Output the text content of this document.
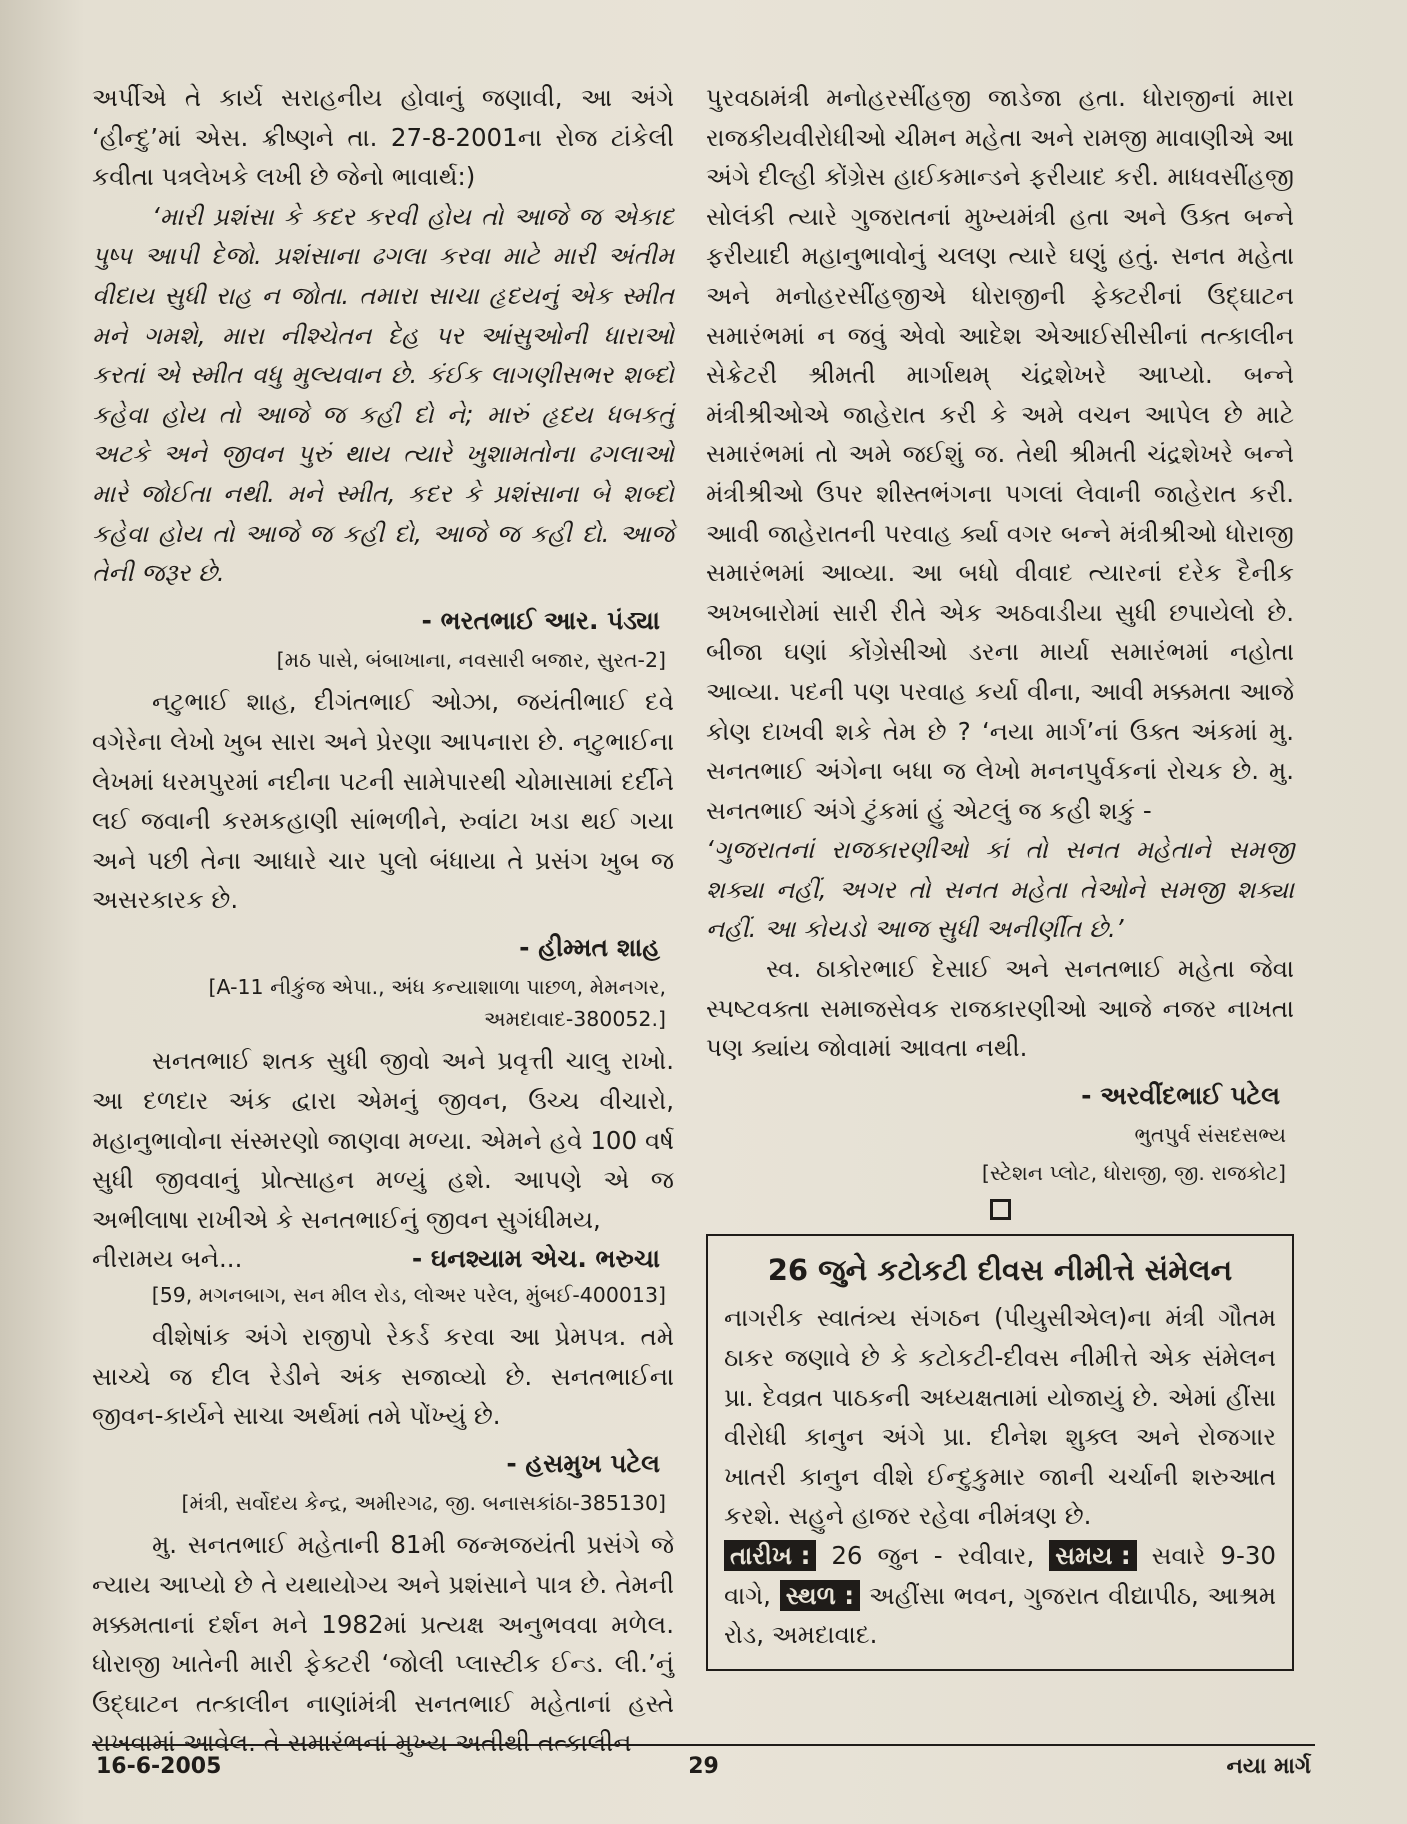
અર્પીએ તે કાર્ય સરાહનીય હોવાનું જણાવી, આ અંગે ‘હીન્દુ’માં એસ. ક્રીષ્ણને તા. 27-8-2001ના રોજ ટાંકેલી કવીતા પત્રલેખકે લખી છે જેનો ભાવાર્થ:)

‘મારી પ્રશંસા કે કદર કરવી હોય તો આજે જ એકાદ પુષ્પ આપી દેજો. પ્રશંસાના ઢગલા કરવા માટે મારી અંતીમ વીદાય સુધી રાહ ન જોતા. તમારા સાચા હૃદયનું એક સ્મીત મને ગમશે, મારા નીશ્ચેતન દેહ પર આંસુઓની ધારાઓ કરતાં એ સ્મીત વધુ મુલ્યવાન છે. કંઈક લાગણીસભર શબ્દો કહેવા હોય તો આજે જ કહી દો ને; મારું હૃદય ધબકતું અટકે અને જીવન પુરું થાય ત્યારે ખુશામતોના ઢગલાઓ મારે જોઈતા નથી. મને સ્મીત, કદર કે પ્રશંસાના બે શબ્દો કહેવા હોય તો આજે જ કહી દો, આજે જ કહી દો. આજે તેની જરૂર છે.

- ભરતભાઈ આર. પંડ્યા
[મઠ પાસે, બંબાખાના, નવસારી બજાર, સુરત-2]

નટુભાઈ શાહ, દીગંતભાઈ ઓઝા, જયંતીભાઈ દવે વગેરેના લેખો ખુબ સારા અને પ્રેરણા આપનારા છે. નટુભાઈના લેખમાં ધરમપુરમાં નદીના પટની સામેપારથી ચોમાસામાં દર્દીને લઈ જવાની કરમકહાણી સાંભળીને, રુવાંટા ખડા થઈ ગયા અને પછી તેના આધારે ચાર પુલો બંધાયા તે પ્રસંગ ખુબ જ અસરકારક છે.

- હીમ્મત શાહ
[A-11 નીકુંજ એપા., અંધ કન્યાશાળા પાછળ, મેમનગર,
અમદાવાદ-380052.]

સનતભાઈ શતક સુધી જીવો અને પ્રવૃત્તી ચાલુ રાખો. આ દળદાર અંક દ્વારા એમનું જીવન, ઉચ્ચ વીચારો, મહાનુભાવોના સંસ્મરણો જાણવા મળ્યા. એમને હવે 100 વર્ષ સુધી જીવવાનું પ્રોત્સાહન મળ્યું હશે. આપણે એ જ અભીલાષા રાખીએ કે સનતભાઈનું જીવન સુગંધીમય,

નીરામય બને...	- ઘનશ્યામ એચ. ભરુચા
[59, મગનબાગ, સન મીલ રોડ, લોઅર પરેલ, મુંબઈ-400013]

વીશેષાંક અંગે રાજીપો રેકર્ડ કરવા આ પ્રેમપત્ર. તમે સાચ્ચે જ દીલ રેડીને અંક સજાવ્યો છે. સનતભાઈના જીવન-કાર્યને સાચા અર્થમાં તમે પોંખ્યું છે.

- હસમુખ પટેલ
[મંત્રી, સર્વોદય કેન્દ્ર, અમીરગઢ, જી. બનાસકાંઠા-385130]

મુ. સનતભાઈ મહેતાની 81મી જન્મજયંતી પ્રસંગે જે ન્યાય આપ્યો છે તે યથાયોગ્ય અને પ્રશંસાને પાત્ર છે. તેમની મક્કમતાનાં દર્શન મને 1982માં પ્રત્યક્ષ અનુભવવા મળેલ. ધોરાજી ખાતેની મારી ફેક્ટરી ‘જોલી પ્લાસ્ટીક ઈન્ડ. લી.’નું ઉદ્ઘાટન તત્કાલીન નાણાંમંત્રી સનતભાઈ મહેતાનાં હસ્તે રાખવામાં આવેલ. તે સમારંભનાં મુખ્ય અતીથી તત્કાલીન

પુરવઠામંત્રી મનોહરસીંહજી જાડેજા હતા. ધોરાજીનાં મારા રાજકીયવીરોધીઓ ચીમન મહેતા અને રામજી માવાણીએ આ અંગે દીલ્હી કોંગ્રેસ હાઈકમાન્ડને ફરીયાદ કરી. માધવસીંહજી સોલંકી ત્યારે ગુજરાતનાં મુખ્યમંત્રી હતા અને ઉક્ત બન્ને ફરીયાદી મહાનુભાવોનું ચલણ ત્યારે ઘણું હતું. સનત મહેતા અને મનોહરસીંહજીએ ધોરાજીની ફેક્ટરીનાં ઉદ્ઘાટન સમારંભમાં ન જવું એવો આદેશ એઆઈસીસીનાં તત્કાલીન સેક્રેટરી શ્રીમતી માર્ગાથમ્ ચંદ્રશેખરે આપ્યો. બન્ને મંત્રીશ્રીઓએ જાહેરાત કરી કે અમે વચન આપેલ છે માટે સમારંભમાં તો અમે જઈશું જ. તેથી શ્રીમતી ચંદ્રશેખરે બન્ને મંત્રીશ્રીઓ ઉપર શીસ્તભંગના પગલાં લેવાની જાહેરાત કરી. આવી જાહેરાતની પરવાહ ર્ક્યા વગર બન્ને મંત્રીશ્રીઓ ધોરાજી સમારંભમાં આવ્યા. આ બધો વીવાદ ત્યારનાં દરેક દૈનીક અખબારોમાં સારી રીતે એક અઠવાડીયા સુધી છપાયેલો છે. બીજા ઘણાં કોંગ્રેસીઓ ડરના માર્યા સમારંભમાં નહોતા આવ્યા. પદની પણ પરવાહ કર્યા વીના, આવી મક્કમતા આજે કોણ દાખવી શકે તેમ છે ? ‘નયા માર્ગ’નાં ઉક્ત અંકમાં મુ. સનતભાઈ અંગેના બધા જ લેખો મનનપુર્વકનાં રોચક છે. મુ. સનતભાઈ અંગે ટુંકમાં હું એટલું જ કહી શકું -

‘ગુજરાતનાં રાજકારણીઓ કાં તો સનત મહેતાને સમજી શક્યા નહીં, અગર તો સનત મહેતા તેઓને સમજી શક્યા નહીં. આ કોયડો આજ સુધી અનીર્ણીત છે.’

સ્વ. ઠાકોરભાઈ દેસાઈ અને સનતભાઈ મહેતા જેવા સ્પષ્ટવક્તા સમાજસેવક રાજકારણીઓ આજે નજર નાખતા પણ ક્યાંય જોવામાં આવતા નથી.

- અરવીંદભાઈ પટેલ
ભુતપુર્વ સંસદસભ્ય
[સ્ટેશન પ્લોટ, ધોરાજી, જી. રાજકોટ]
26 જુને કટોકટી દીવસ નીમીત્તે સંમેલન

નાગરીક સ્વાતંત્ર્ય સંગઠન (પીયુસીએલ)ના મંત્રી ગૌતમ ઠાકર જણાવે છે કે કટોકટી-દીવસ નીમીત્તે એક સંમેલન પ્રા. દેવવ્રત પાઠકની અધ્યક્ષતામાં યોજાયું છે. એમાં હીંસા વીરોધી કાનુન અંગે પ્રા. દીનેશ શુક્લ અને રોજગાર ખાતરી કાનુન વીશે ઈન્દુકુમાર જાની ચર્ચાની શરુઆત કરશે. સહુને હાજર રહેવા નીમંત્રણ છે.

તારીખ : 26 જુન - રવીવાર, સમય : સવારે 9-30 વાગે, સ્થળ : અહીંસા ભવન, ગુજરાત વીદ્યાપીઠ, આશ્રમ રોડ, અમદાવાદ.

16-6-2005	29	નયા માર્ગ
